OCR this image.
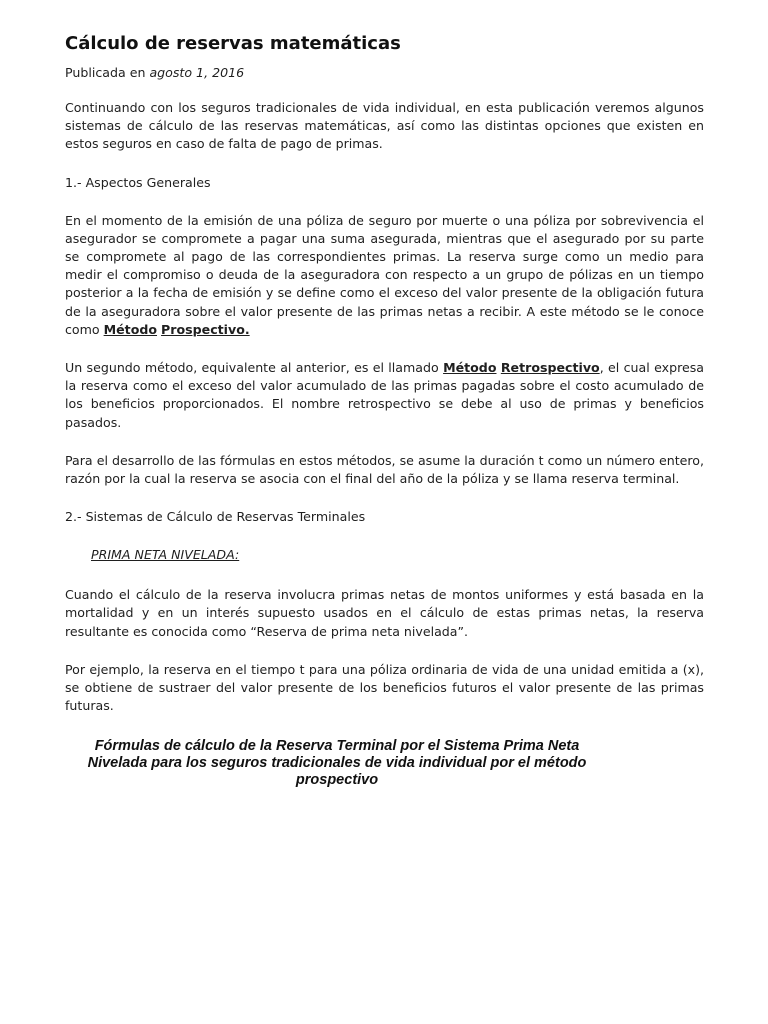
Cálculo de reservas matemáticas

Publicada en agosto 1, 2016

Continuando con los seguros tradicionales de vida individual, en esta publicación veremos algunos sistemas de cálculo de las reservas matemáticas, así como las distintas opciones que existen en estos seguros en caso de falta de pago de primas.

1.- Aspectos Generales

En el momento de la emisión de una póliza de seguro por muerte o una póliza por sobrevivencia el asegurador se compromete a pagar una suma asegurada, mientras que el asegurado por su parte se compromete al pago de las correspondientes primas. La reserva surge como un medio para medir el compromiso o deuda de la aseguradora con respecto a un grupo de pólizas en un tiempo posterior a la fecha de emisión y se define como el exceso del valor presente de la obligación futura de la aseguradora sobre el valor presente de las primas netas a recibir. A este método se le conoce como Método Prospectivo.

Un segundo método, equivalente al anterior, es el llamado Método Retrospectivo, el cual expresa la reserva como el exceso del valor acumulado de las primas pagadas sobre el costo acumulado de los beneficios proporcionados. El nombre retrospectivo se debe al uso de primas y beneficios pasados.

Para el desarrollo de las fórmulas en estos métodos, se asume la duración t como un número entero, razón por la cual la reserva se asocia con el final del año de la póliza y se llama reserva terminal.

2.- Sistemas de Cálculo de Reservas Terminales

PRIMA NETA NIVELADA:

Cuando el cálculo de la reserva involucra primas netas de montos uniformes y está basada en la mortalidad y en un interés supuesto usados en el cálculo de estas primas netas, la reserva resultante es conocida como “Reserva de prima neta nivelada”.

Por ejemplo, la reserva en el tiempo t para una póliza ordinaria de vida de una unidad emitida a (x), se obtiene de sustraer del valor presente de los beneficios futuros el valor presente de las primas futuras.

Fórmulas de cálculo de la Reserva Terminal por el Sistema Prima Neta
Nivelada para los seguros tradicionales de vida individual por el método
prospectivo
